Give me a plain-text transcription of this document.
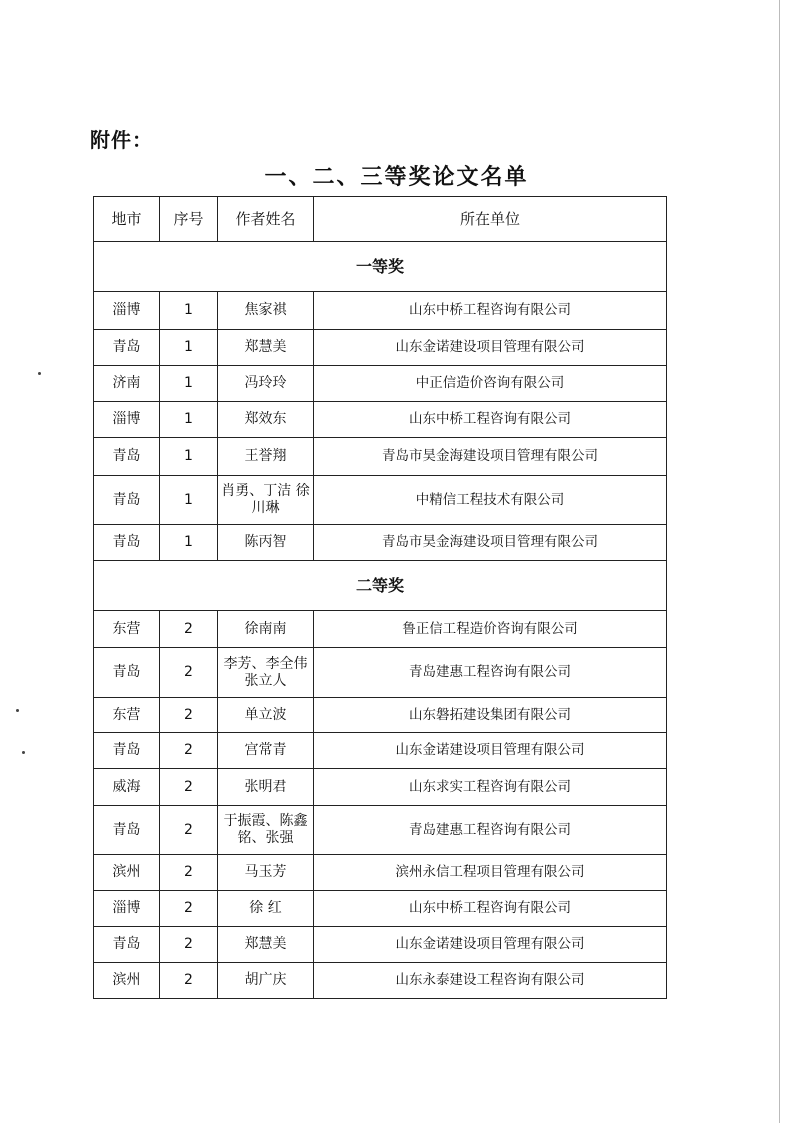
附件：
一、二、三等奖论文名单
地市	序号	作者姓名	所在单位
一等奖			
淄博	1	焦家祺	山东中桥工程咨询有限公司
青岛	1	郑慧美	山东金诺建设项目管理有限公司
济南	1	冯玲玲	中正信造价咨询有限公司
淄博	1	郑效东	山东中桥工程咨询有限公司
青岛	1	王誉翔	青岛市昊金海建设项目管理有限公司
青岛	1	肖勇、丁洁 徐川琳	中精信工程技术有限公司
青岛	1	陈丙智	青岛市昊金海建设项目管理有限公司
二等奖			
东营	2	徐南南	鲁正信工程造价咨询有限公司
青岛	2	李芳、李全伟张立人	青岛建惠工程咨询有限公司
东营	2	单立波	山东磐拓建设集团有限公司
青岛	2	宫常青	山东金诺建设项目管理有限公司
威海	2	张明君	山东求实工程咨询有限公司
青岛	2	于振霞、陈鑫铭、张强	青岛建惠工程咨询有限公司
滨州	2	马玉芳	滨州永信工程项目管理有限公司
淄博	2	徐 红	山东中桥工程咨询有限公司
青岛	2	郑慧美	山东金诺建设项目管理有限公司
滨州	2	胡广庆	山东永泰建设工程咨询有限公司
